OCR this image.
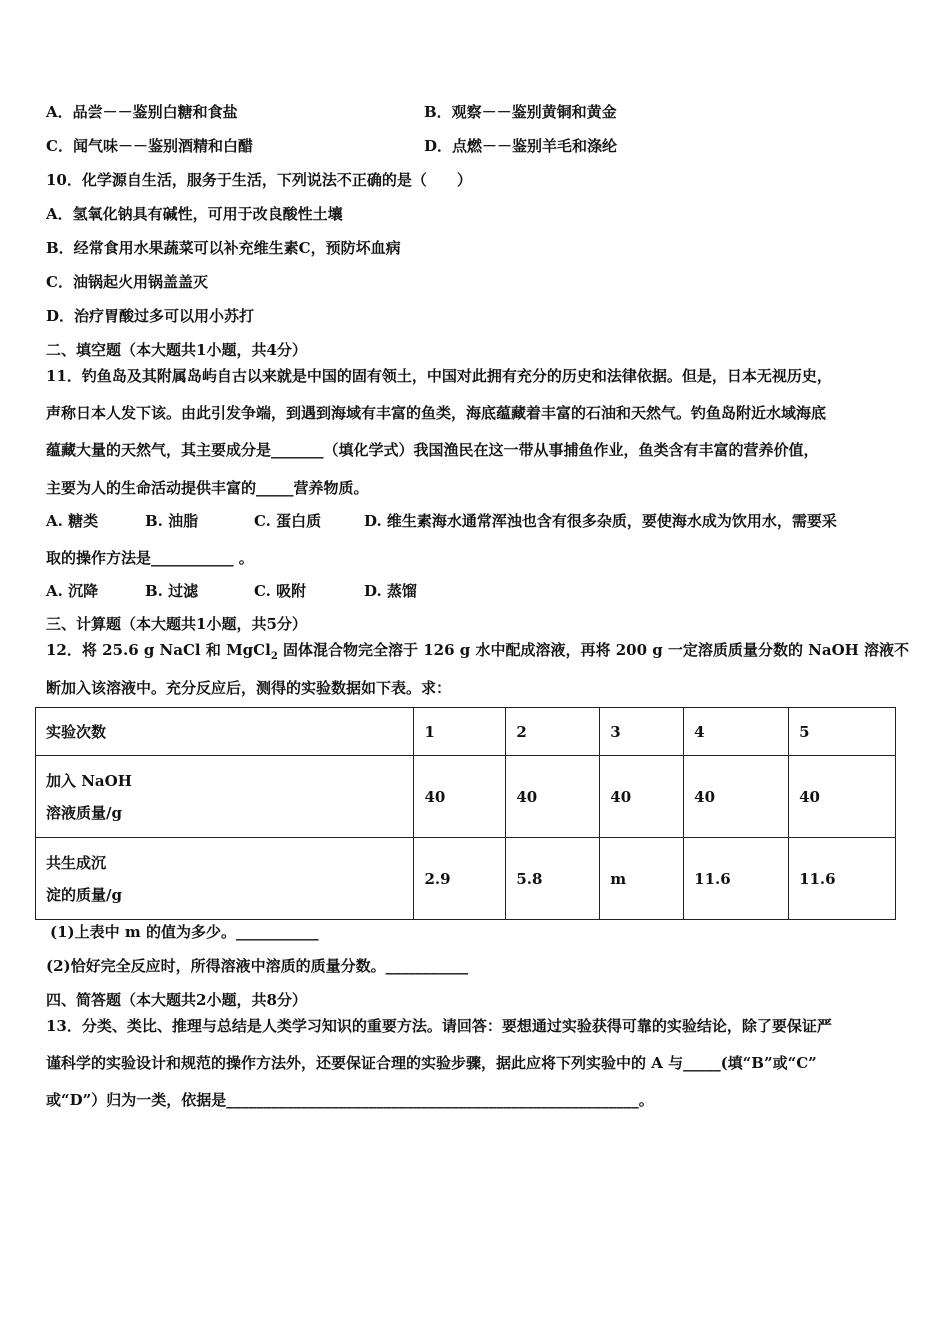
A．品尝－－鉴别白糖和食盐	B．观察－－鉴别黄铜和黄金
C．闻气味－－鉴别酒精和白醋	D．点燃－－鉴别羊毛和涤纶
10．化学源自生活，服务于生活，下列说法不正确的是（　　）
A．氢氧化钠具有碱性，可用于改良酸性土壤
B．经常食用水果蔬菜可以补充维生素C，预防坏血病
C．油锅起火用锅盖盖灭
D．治疗胃酸过多可以用小苏打
二、填空题（本大题共1小题，共4分）
11．钓鱼岛及其附属岛屿自古以来就是中国的固有领土，中国对此拥有充分的历史和法律依据。但是，日本无视历史，
声称日本人发下该。由此引发争端，到遇到海域有丰富的鱼类，海底蕴藏着丰富的石油和天然气。钓鱼岛附近水域海底
蕴藏大量的天然气，其主要成分是_______（填化学式）我国渔民在这一带从事捕鱼作业，鱼类含有丰富的营养价值，
主要为人的生命活动提供丰富的_____营养物质。
A. 糖类	B. 油脂	C. 蛋白质	D. 维生素海水通常浑浊也含有很多杂质，要使海水成为饮用水，需要采
取的操作方法是___________ 。
A. 沉降	B. 过滤	C. 吸附	D. 蒸馏
三、计算题（本大题共1小题，共5分）
12．将 25.6 g NaCl 和 MgCl$_2$ 固体混合物完全溶于 126 g 水中配成溶液，再将 200 g 一定溶质质量分数的 NaOH 溶液不
断加入该溶液中。充分反应后，测得的实验数据如下表。求：
实验次数	1	2	3	4	5

加入 NaOH
溶液质量/g	40	40	40	40	40

共生成沉
淀的质量/g	2.9	5.8	m	11.6	11.6
(1)上表中 m 的值为多少。___________
(2)恰好完全反应时，所得溶液中溶质的质量分数。___________
四、简答题（本大题共2小题，共8分）
13．分类、类比、推理与总结是人类学习知识的重要方法。请回答：要想通过实验获得可靠的实验结论，除了要保证严
谨科学的实验设计和规范的操作方法外，还要保证合理的实验步骤，据此应将下列实验中的 A 与_____(填“B”或“C”
或“D”）归为一类，依据是_______________________________________________________。
